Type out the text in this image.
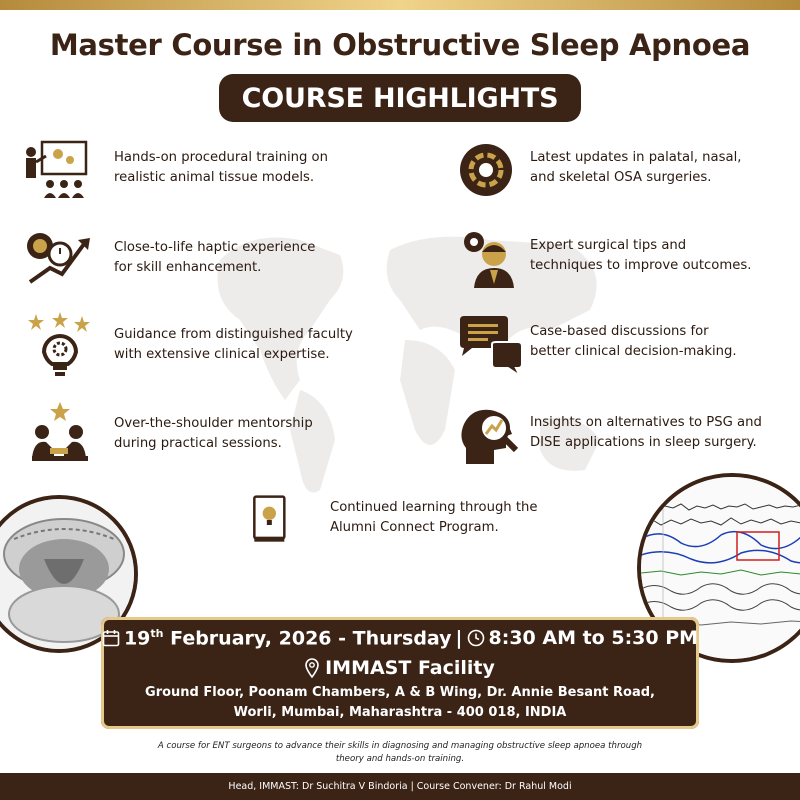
Master Course in Obstructive Sleep Apnoea
COURSE HIGHLIGHTS
Hands-on procedural training on
realistic animal tissue models.
Latest updates in palatal, nasal,
and skeletal OSA surgeries.
Close-to-life haptic experience
for skill enhancement.
Expert surgical tips and
techniques to improve outcomes.
Guidance from distinguished faculty
with extensive clinical expertise.
Case-based discussions for
better clinical decision-making.
Over-the-shoulder mentorship
during practical sessions.
Insights on alternatives to PSG and
DISE applications in sleep surgery.
Continued learning through the
Alumni Connect Program.
19th February, 2026 - Thursday | 8:30 AM to 5:30 PM
IMMAST Facility
Ground Floor, Poonam Chambers, A & B Wing, Dr. Annie Besant Road,
Worli, Mumbai, Maharashtra - 400 018, INDIA
A course for ENT surgeons to advance their skills in diagnosing and managing obstructive sleep apnoea through
theory and hands-on training.
Head, IMMAST: Dr Suchitra V Bindoria | Course Convener: Dr Rahul Modi
